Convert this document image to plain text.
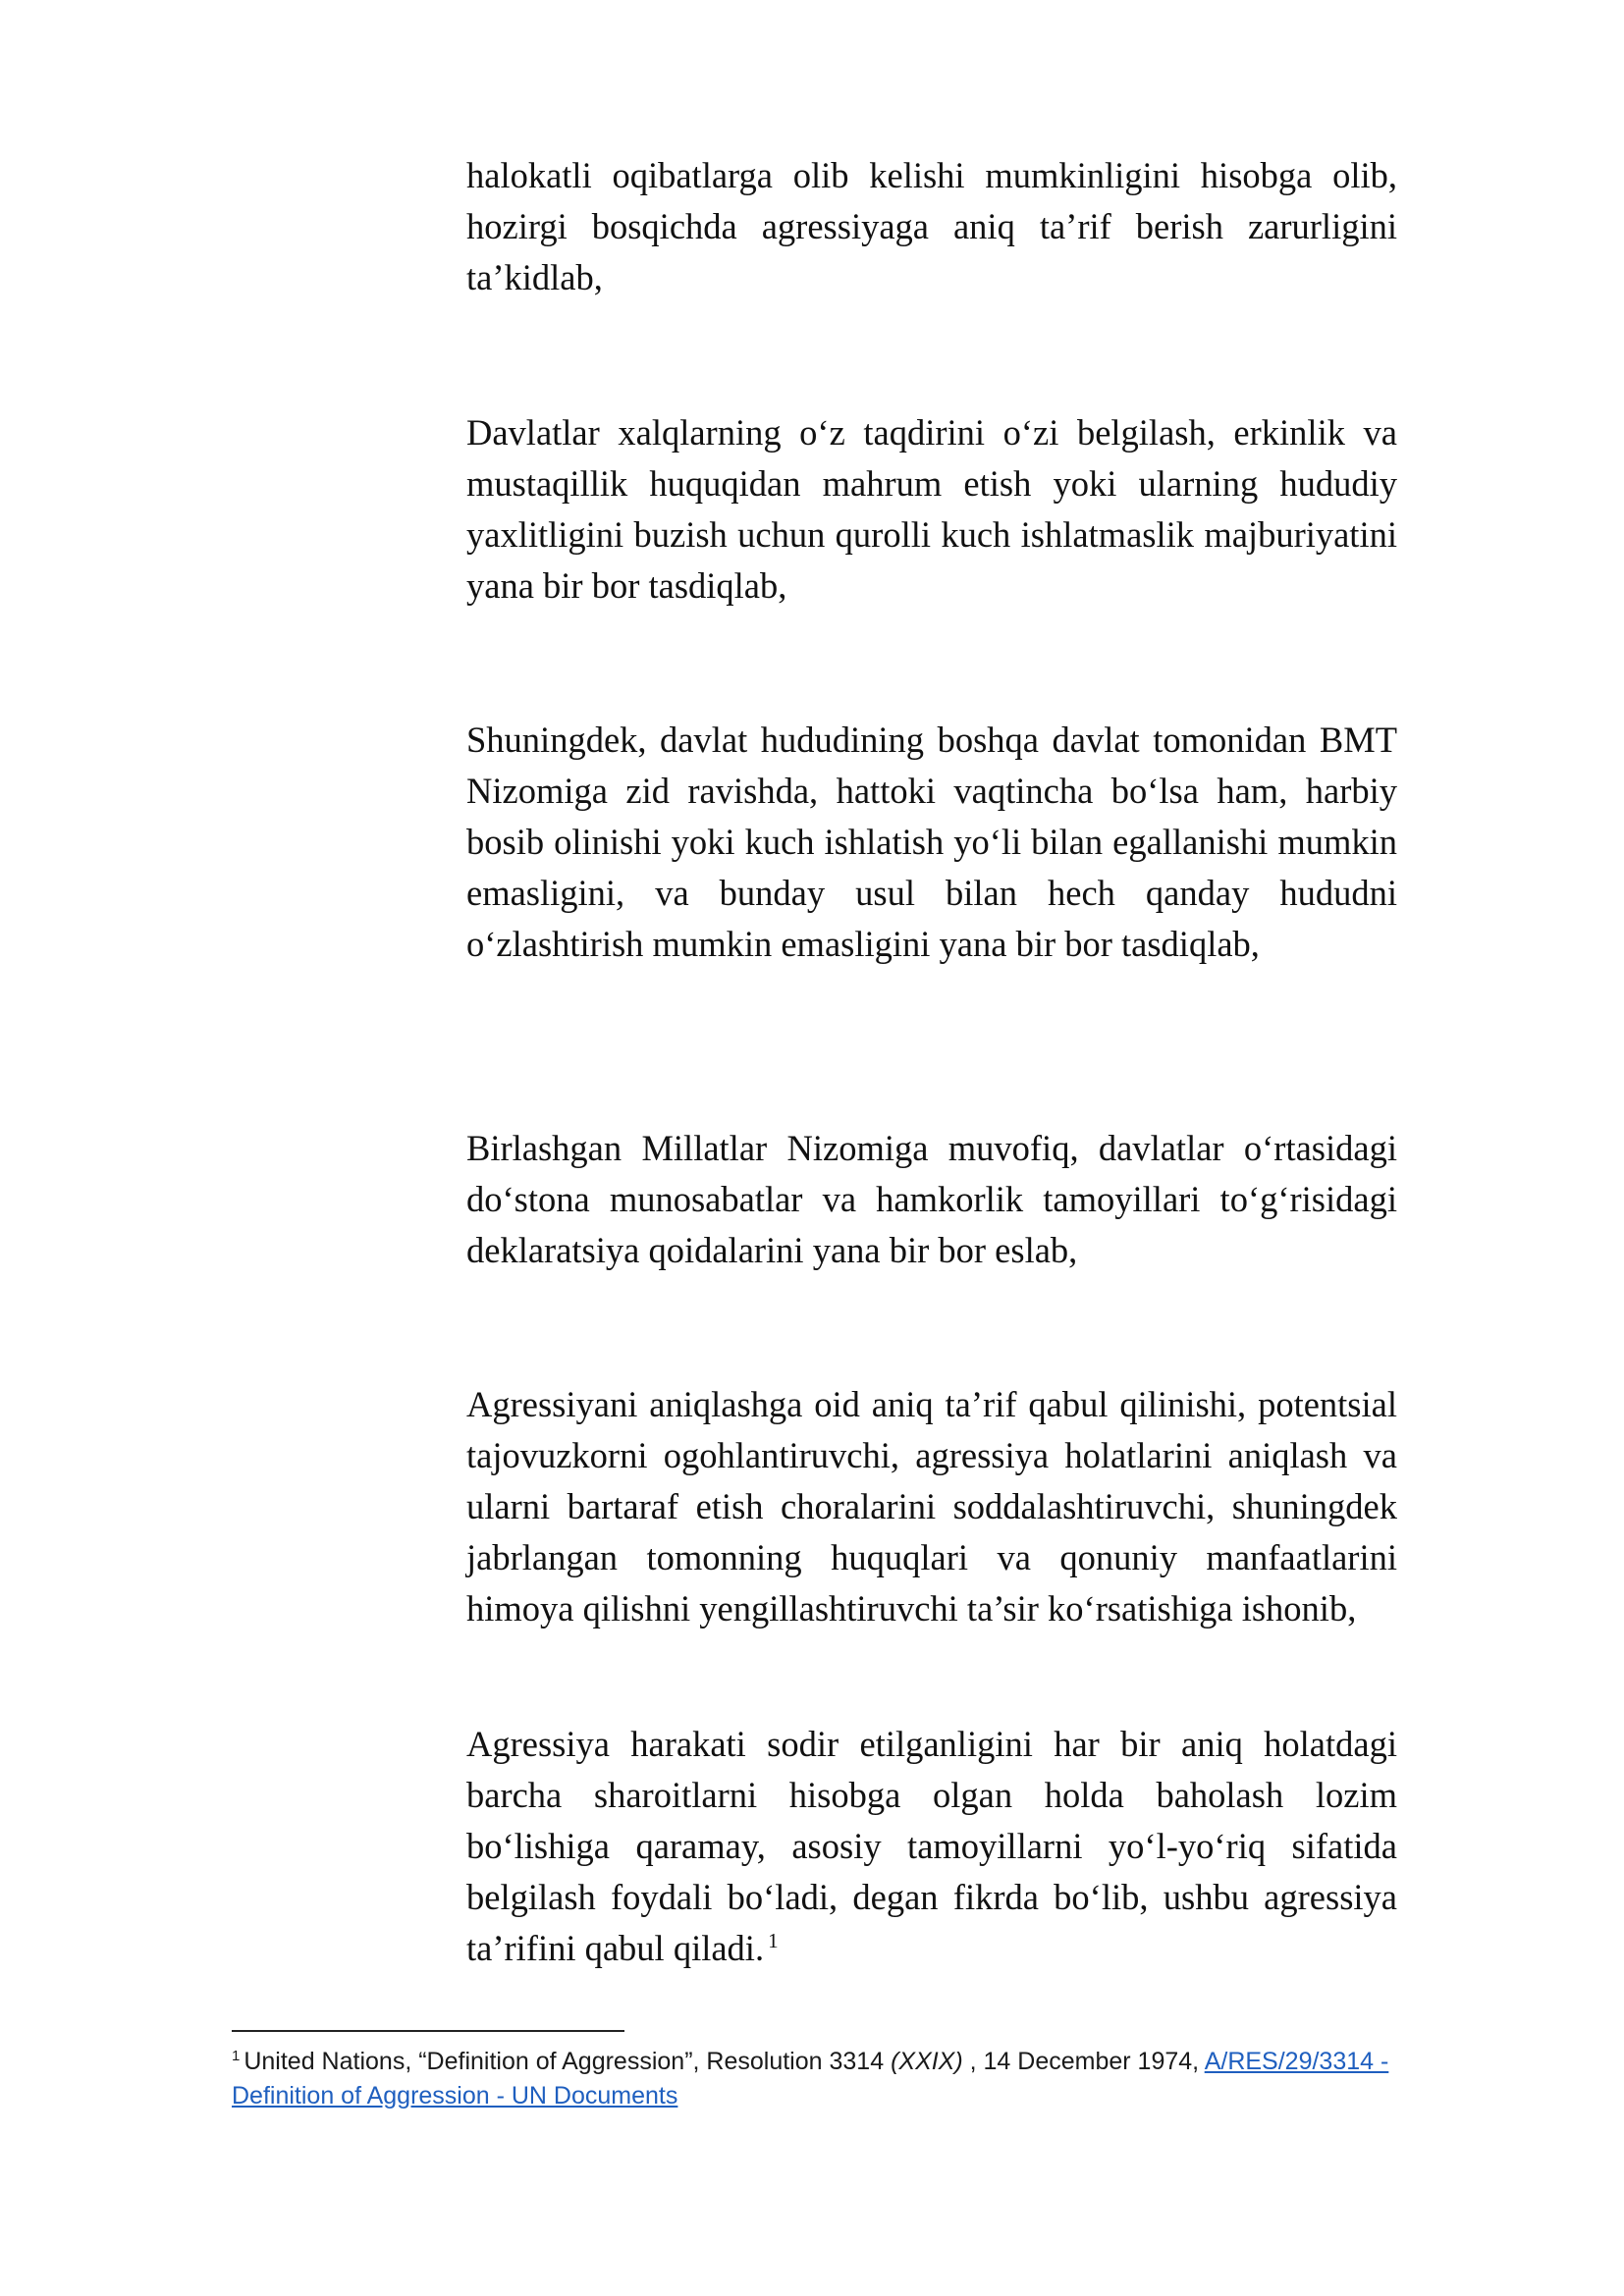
halokatli oqibatlarga olib kelishi mumkinligini hisobga olib, hozirgi bosqichda agressiyaga aniq ta’rif berish zarurligini ta’kidlab,

Davlatlar xalqlarning o‘z taqdirini o‘zi belgilash, erkinlik va mustaqillik huquqidan mahrum etish yoki ularning hududiy yaxlitligini buzish uchun qurolli kuch ishlatmaslik majburiyatini yana bir bor tasdiqlab,

Shuningdek, davlat hududining boshqa davlat tomonidan BMT Nizomiga zid ravishda, hattoki vaqtincha bo‘lsa ham, harbiy bosib olinishi yoki kuch ishlatish yo‘li bilan egallanishi mumkin emasligini, va bunday usul bilan hech qanday hududni o‘zlashtirish mumkin emasligini yana bir bor tasdiqlab,

Birlashgan Millatlar Nizomiga muvofiq, davlatlar o‘rtasidagi do‘stona munosabatlar va hamkorlik tamoyillari to‘g‘risidagi deklaratsiya qoidalarini yana bir bor eslab,

Agressiyani aniqlashga oid aniq ta’rif qabul qilinishi, potentsial tajovuzkorni ogohlantiruvchi, agressiya holatlarini aniqlash va ularni bartaraf etish choralarini soddalashtiruvchi, shuningdek jabrlangan tomonning huquqlari va qonuniy manfaatlarini himoya qilishni yengillashtiruvchi ta’sir ko‘rsatishiga ishonib,

Agressiya harakati sodir etilganligini har bir aniq holatdagi barcha sharoitlarni hisobga olgan holda baholash lozim bo‘lishiga qaramay, asosiy tamoyillarni yo‘l-yo‘riq sifatida belgilash foydali bo‘ladi, degan fikrda bo‘lib, ushbu agressiya ta’rifini qabul qiladi. $^1$

$^1$ United Nations, “Definition of Aggression”, Resolution 3314 (XXIX) , 14 December 1974, A/RES/29/3314 - Definition of Aggression - UN Documents
